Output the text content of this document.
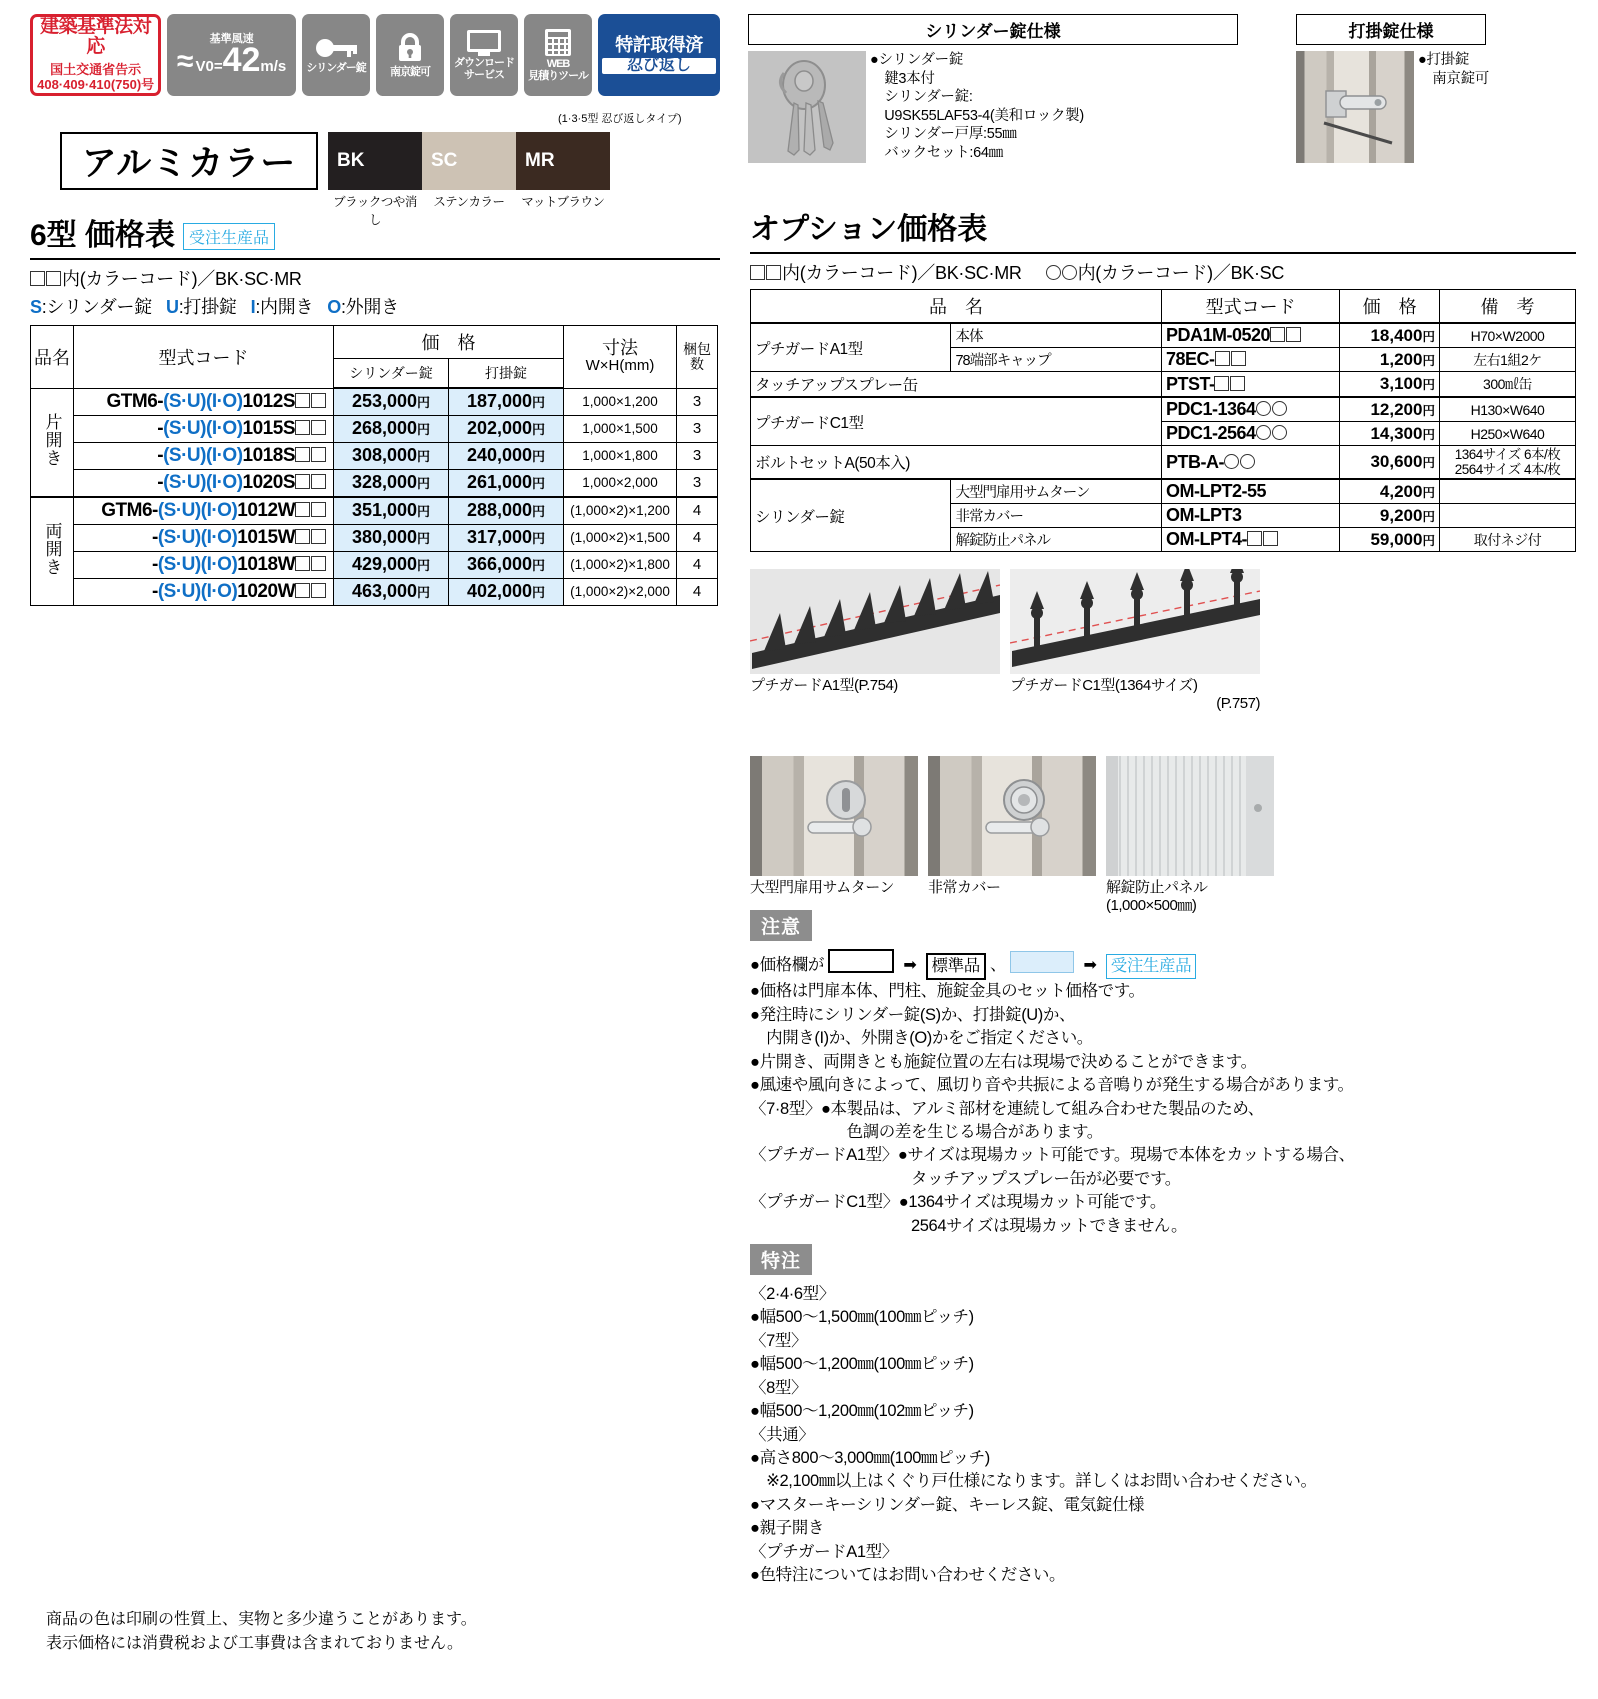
建築基準法対応
国土交通省告示
408·409·410(750)号
基準風速
≈ V0= 42 m/s シリンダー錠 南京錠可
ダウンロード
サービス
WEB
見積りツール
特許取得済
忍び返し
(1·3·5型 忍び返しタイプ)
アルミカラー	BK
ブラックつや消し
SC
ステンカラー
MR
マットブラウン
6型 価格表 受注生産品
内(カラーコード)／BK·SC·MR
S:シリンダー錠 U:打掛錠 I:内開き O:外開き
品名	型式コード	価　格	寸法
W×H(mm)

梱包
数

		シリンダー錠	打掛錠		
片開き	GTM6-(S·U)(I·O)1012S	253,000円	187,000円	1,000×1,200	3
	-(S·U)(I·O)1015S	268,000円	202,000円	1,000×1,500	3
	-(S·U)(I·O)1018S	308,000円	240,000円	1,000×1,800	3
	-(S·U)(I·O)1020S	328,000円	261,000円	1,000×2,000	3
両開き	GTM6-(S·U)(I·O)1012W	351,000円	288,000円	(1,000×2)×1,200	4
	-(S·U)(I·O)1015W	380,000円	317,000円	(1,000×2)×1,500	4
	-(S·U)(I·O)1018W	429,000円	366,000円	(1,000×2)×1,800	4
	-(S·U)(I·O)1020W	463,000円	402,000円	(1,000×2)×2,000	4
商品の色は印刷の性質上、実物と多少違うことがあります。
表示価格には消費税および工事費は含まれておりません。
シリンダー錠仕様
●シリンダー錠
　鍵3本付
　シリンダー錠:
　U9SK55LAF53-4(美和ロック製)
　シリンダー戸厚:55㎜
　バックセット:64㎜
打掛錠仕様
●打掛錠
　南京錠可
オプション価格表
内(カラーコード)／BK·SC·MR	内(カラーコード)／BK·SC
品　名		型式コード	価　格	備　考
プチガードA1型	本体	PDA1M-0520	18,400円	H70×W2000
	78端部キャップ	78EC-	1,200円	左右1組2ケ
タッチアップスプレー缶		PTST-	3,100円	300㎖缶
プチガードC1型		PDC1-1364	12,200円	H130×W640
		PDC1-2564	14,300円	H250×W640
ボルトセットA(50本入)		PTB-A-	30,600円	1364サイズ 6本/枚
2564サイズ 4本/枚

シリンダー錠	大型門扉用サムターン	OM-LPT2-55	4,200円	
	非常カバー	OM-LPT3	9,200円	
	解錠防止パネル	OM-LPT4-	59,000円	取付ネジ付
プチガードA1型(P.754)	プチガードC1型(1364サイズ)
(P.757)
大型門扉用サムターン	非常カバー	解錠防止パネル
(1,000×500㎜)
注意
●価格欄が	➡ 標準品 、	➡ 受注生産品
●価格は門扉本体、門柱、施錠金具のセット価格です。
●発注時にシリンダー錠(S)か、打掛錠(U)か、
　内開き(I)か、外開き(O)かをご指定ください。
●片開き、両開きとも施錠位置の左右は現場で決めることができます。
●風速や風向きによって、風切り音や共振による音鳴りが発生する場合があります。
〈7·8型〉●本製品は、アルミ部材を連続して組み合わせた製品のため、
　　　　　　色調の差を生じる場合があります。
〈プチガードA1型〉●サイズは現場カット可能です。現場で本体をカットする場合、
　　　　　　　　　　タッチアップスプレー缶が必要です。
〈プチガードC1型〉●1364サイズは現場カット可能です。
　　　　　　　　　　2564サイズは現場カットできません。
特注
〈2·4·6型〉
●幅500〜1,500㎜(100㎜ピッチ)
〈7型〉
●幅500〜1,200㎜(100㎜ピッチ)
〈8型〉
●幅500〜1,200㎜(102㎜ピッチ)
〈共通〉
●高さ800〜3,000㎜(100㎜ピッチ)
　※2,100㎜以上はくぐり戸仕様になります。詳しくはお問い合わせください。
●マスターキーシリンダー錠、キーレス錠、電気錠仕様
●親子開き
〈プチガードA1型〉
●色特注についてはお問い合わせください。
